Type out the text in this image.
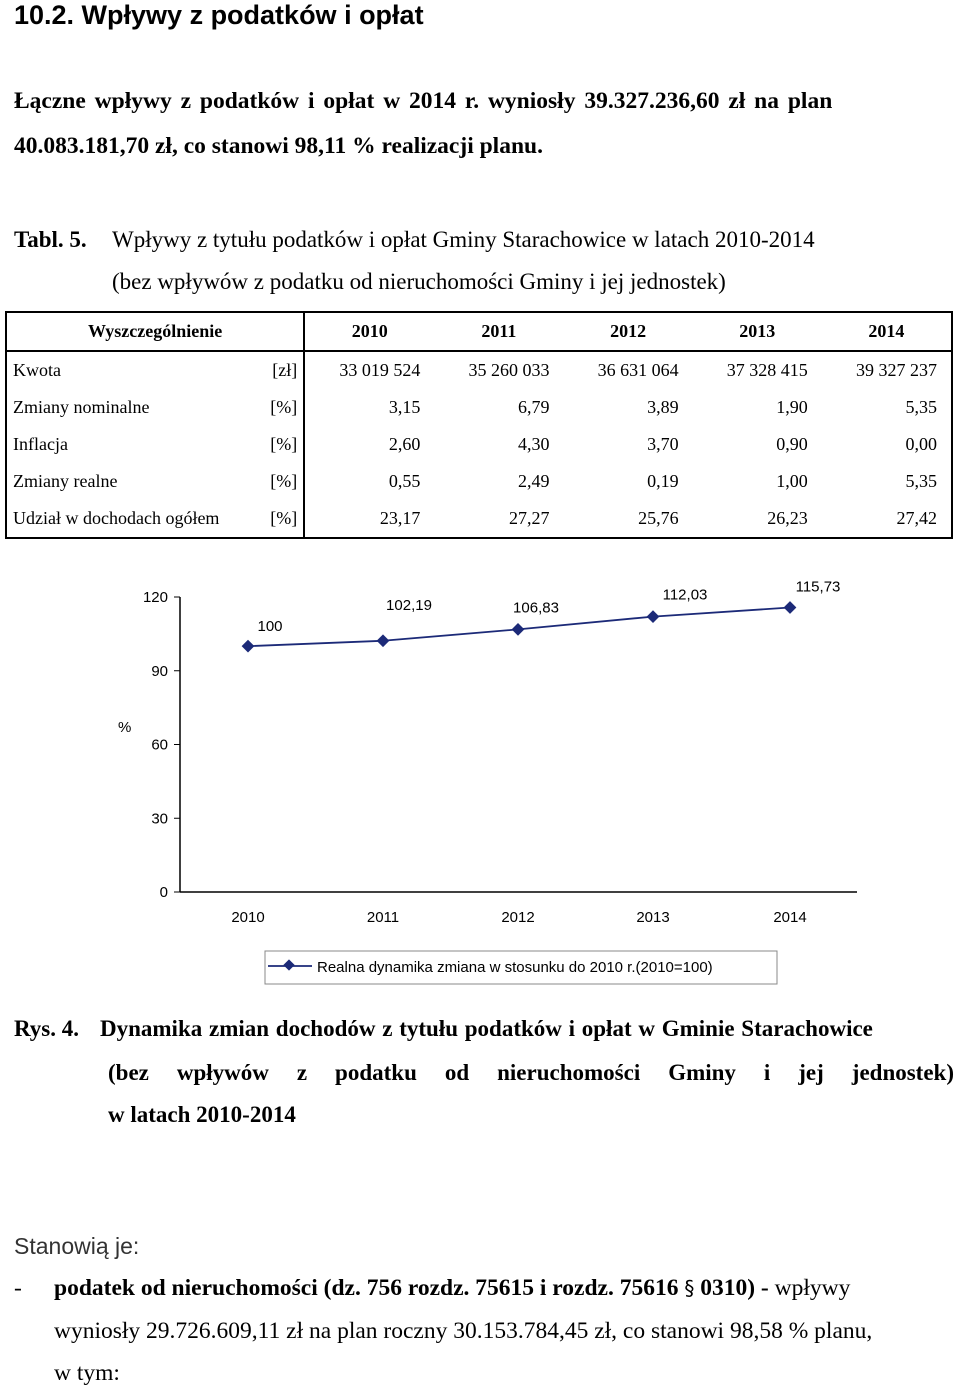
10.2. Wpływy z podatków i opłat
Łączne wpływy z podatków i opłat w 2014 r. wyniosły 39.327.236,60 zł na plan
40.083.181,70 zł, co stanowi 98,11 % realizacji planu.
Tabl. 5. Wpływy z tytułu podatków i opłat Gminy Starachowice w latach 2010-2014
(bez wpływów z podatku od nieruchomości Gminy i jej jednostek)
Wyszczególnienie		2010	2011	2012	2013	2014
Kwota	[zł]	33 019 524	35 260 033	36 631 064	37 328 415	39 327 237
Zmiany nominalne	[%]	3,15	6,79	3,89	1,90	5,35
Inflacja	[%]	2,60	4,30	3,70	0,90	0,00
Zmiany realne	[%]	0,55	2,49	0,19	1,00	5,35
Udział w dochodach ogółem	[%]	23,17	27,27	25,76	26,23	27,42
%
0
30
60
90
120
2010	2011	2012	2013	2014
100
102,19	106,83
112,03	115,73
Realna dynamika zmiana w stosunku do 2010 r.(2010=100)
Rys. 4. Dynamika zmian dochodów z tytułu podatków i opłat w Gminie Starachowice
(bez wpływów z podatku od nieruchomości Gminy i jej jednostek)
w latach 2010-2014
Stanowią je:
- podatek od nieruchomości (dz. 756 rozdz. 75615 i rozdz. 75616 § 0310) - wpływy
wyniosły 29.726.609,11 zł na plan roczny 30.153.784,45 zł, co stanowi 98,58 % planu,
w tym:
